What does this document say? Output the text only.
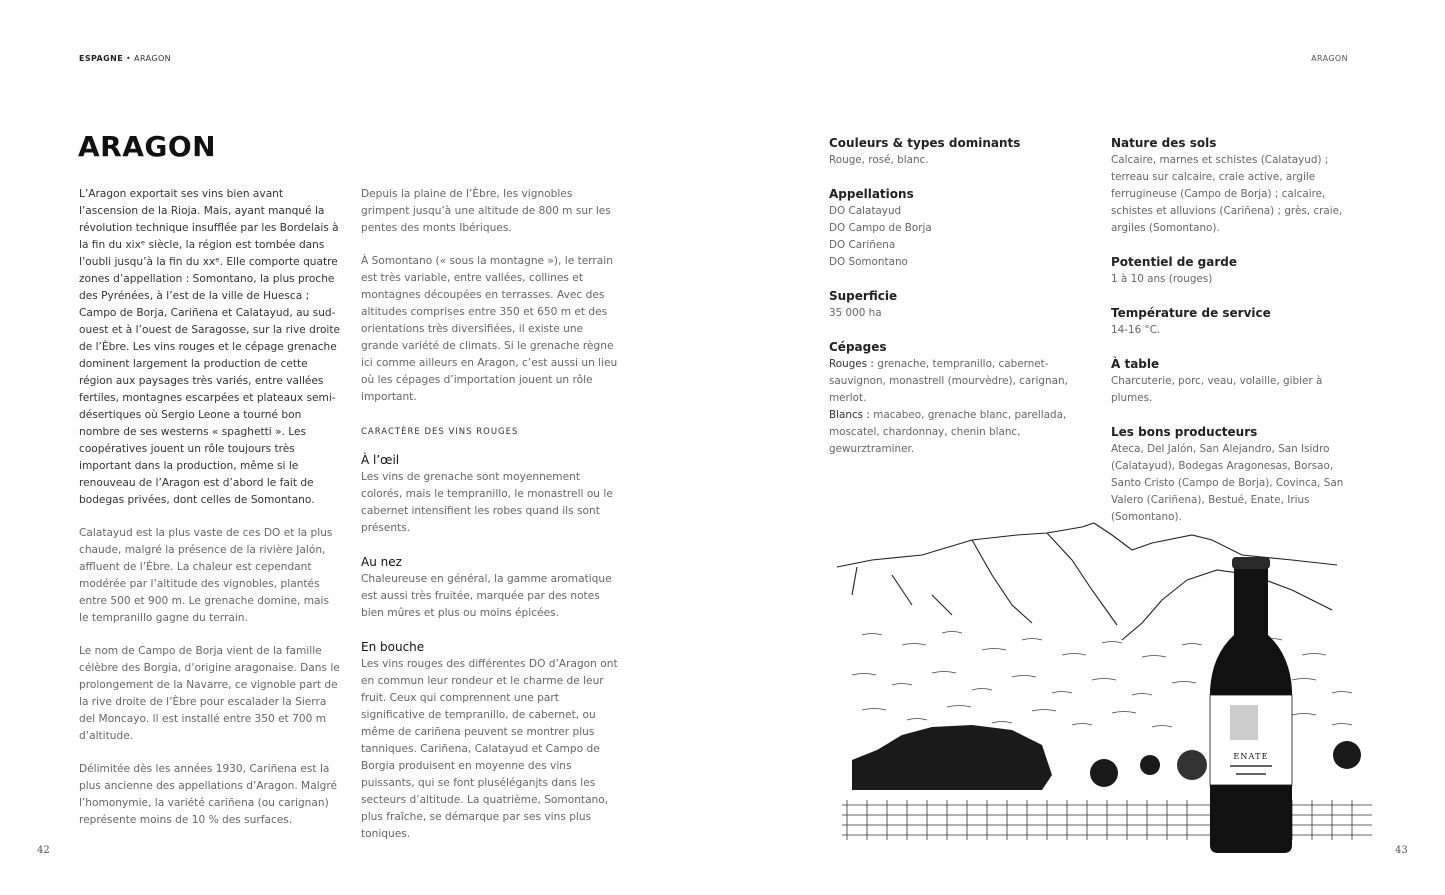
ESPAGNE • ARAGON	ARAGON
ARAGON

L’Aragon exportait ses vins bien avant l’ascension de la Rioja. Mais, ayant manqué la révolution technique insufflée par les Bordelais à la fin du xixᵉ siècle, la région est tombée dans l’oubli jusqu’à la fin du xxᵉ. Elle comporte quatre zones d’appellation : Somontano, la plus proche des Pyrénées, à l’est de la ville de Huesca ; Campo de Borja, Cariñena et Calatayud, au sud-ouest et à l’ouest de Saragosse, sur la rive droite de l’Èbre. Les vins rouges et le cépage grenache dominent largement la production de cette région aux paysages très variés, entre vallées fertiles, montagnes escarpées et plateaux semi-désertiques où Sergio Leone a tourné bon nombre de ses westerns « spaghetti ». Les coopératives jouent un rôle toujours très important dans la production, même si le renouveau de l’Aragon est d’abord le fait de bodegas privées, dont celles de Somontano.

Calatayud est la plus vaste de ces DO et la plus chaude, malgré la présence de la rivière Jalón, affluent de l’Èbre. La chaleur est cependant modérée par l’altitude des vignobles, plantés entre 500 et 900 m. Le grenache domine, mais le tempranillo gagne du terrain.

Le nom de Campo de Borja vient de la famille célèbre des Borgia, d’origine aragonaise. Dans le prolongement de la Navarre, ce vignoble part de la rive droite de l’Èbre pour escalader la Sierra del Moncayo. Il est installé entre 350 et 700 m d’altitude.

Délimitée dès les années 1930, Cariñena est la plus ancienne des appellations d’Aragon. Malgré l’homonymie, la variété cariñena (ou carignan) représente moins de 10 % des surfaces.

Depuis la plaine de l’Èbre, les vignobles grimpent jusqu’à une altitude de 800 m sur les pentes des monts Ibériques.

À Somontano (« sous la montagne »), le terrain est très variable, entre vallées, collines et montagnes découpées en terrasses. Avec des altitudes comprises entre 350 et 650 m et des orientations très diversifiées, il existe une grande variété de climats. Si le grenache règne ici comme ailleurs en Aragon, c’est aussi un lieu où les cépages d’importation jouent un rôle important.

CARACTÈRE DES VINS ROUGES
À l’œil

Les vins de grenache sont moyennement colorés, mais le tempranillo, le monastrell ou le cabernet intensifient les robes quand ils sont présents.

Au nez

Chaleureuse en général, la gamme aromatique est aussi très fruitée, marquée par des notes bien mûres et plus ou moins épicées.

En bouche

Les vins rouges des différentes DO d’Aragon ont en commun leur rondeur et le charme de leur fruit. Ceux qui comprennent une part significative de tempranillo, de cabernet, ou même de cariñena peuvent se montrer plus tanniques. Cariñena, Calatayud et Campo de Borgia produisent en moyenne des vins puissants, qui se font pluséléganjts dans les secteurs d’altitude. La quatrième, Somontano, plus fraîche, se démarque par ses vins plus toniques.

Couleurs & types dominants

Rouge, rosé, blanc.

Appellations

DO Calatayud

DO Campo de Borja

DO Cariñena

DO Somontano

Superficie

35 000 ha

Cépages

Rouges : grenache, tempranillo, cabernet-sauvignon, monastrell (mourvèdre), carignan, merlot.

Blancs : macabeo, grenache blanc, parellada, moscatel, chardonnay, chenin blanc, gewurztraminer.

Nature des sols

Calcaire, marnes et schistes (Calatayud) ; terreau sur calcaire, craie active, argile ferrugineuse (Campo de Borja) ; calcaire, schistes et alluvions (Cariñena) ; grès, craie, argiles (Somontano).

Potentiel de garde

1 à 10 ans (rouges)

Température de service

14-16 °C.

À table

Charcuterie, porc, veau, volaille, gibier à plumes.

Les bons producteurs

Ateca, Del Jalón, San Alejandro, San Isidro (Calatayud), Bodegas Aragonesas, Borsao, Santo Cristo (Campo de Borja), Covinca, San Valero (Cariñena), Bestué, Enate, Irius (Somontano).

ENATE
42	43
